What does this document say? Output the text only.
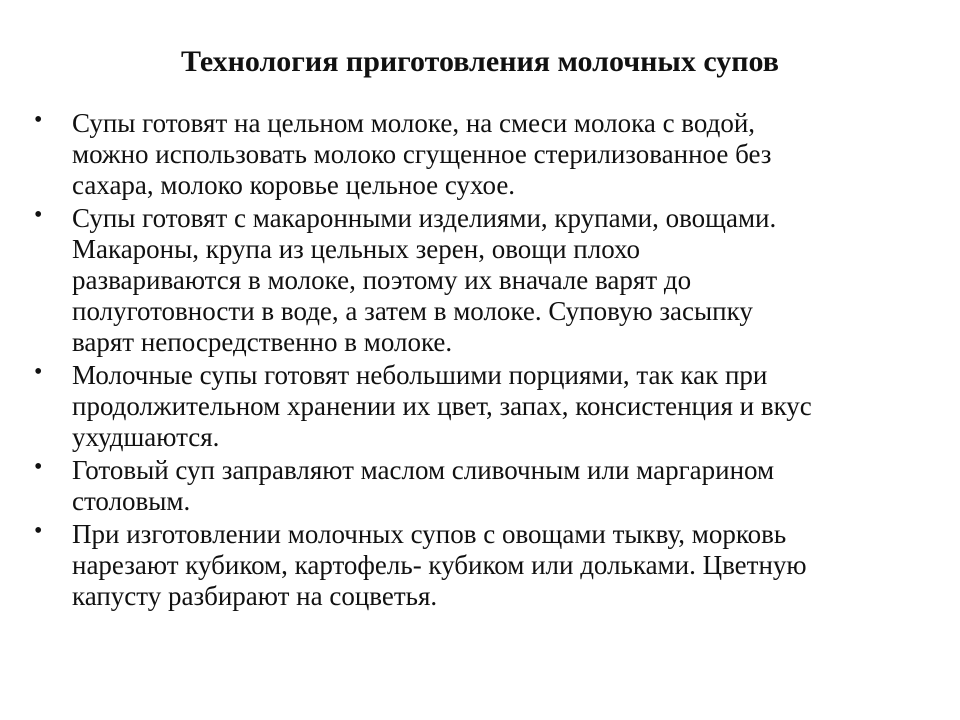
Технология приготовления молочных супов
• Супы готовят на цельном молоке, на смеси молока с водой,
можно использовать молоко сгущенное стерилизованное без
сахара, молоко коровье цельное сухое.
• Супы готовят с макаронными изделиями, крупами, овощами.
Макароны, крупа из цельных зерен, овощи плохо
развариваются в молоке, поэтому их вначале варят до
полуготовности в воде, а затем в молоке. Суповую засыпку
варят непосредственно в молоке.
• Молочные супы готовят небольшими порциями, так как при
продолжительном хранении их цвет, запах, консистенция и вкус
ухудшаются.
• Готовый суп заправляют маслом сливочным или маргарином
столовым.
• При изготовлении молочных супов с овощами тыкву, морковь
нарезают кубиком, картофель- кубиком или дольками. Цветную
капусту разбирают на соцветья.
